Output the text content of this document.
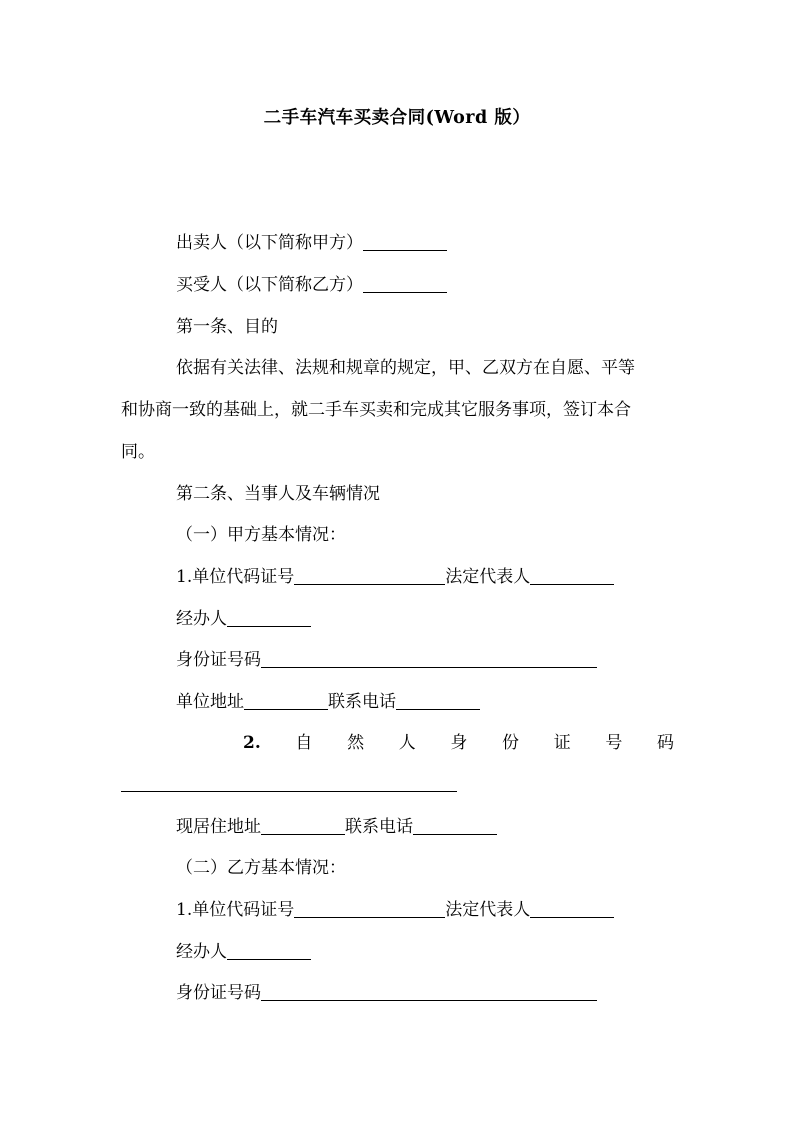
二手车汽车买卖合同(Word 版）
出卖人（以下简称甲方）
买受人（以下简称乙方）
第一条、目的
依据有关法律、法规和规章的规定，甲、乙双方在自愿、平等
和协商一致的基础上，就二手车买卖和完成其它服务事项，签订本合
同。
第二条、当事人及车辆情况
（一）甲方基本情况：
1.单位代码证号	法定代表人
经办人
身份证号码
单位地址	联系电话
2. 自 然 人 身 份 证 号 码
现居住地址	联系电话
（二）乙方基本情况：
1.单位代码证号	法定代表人
经办人
身份证号码
